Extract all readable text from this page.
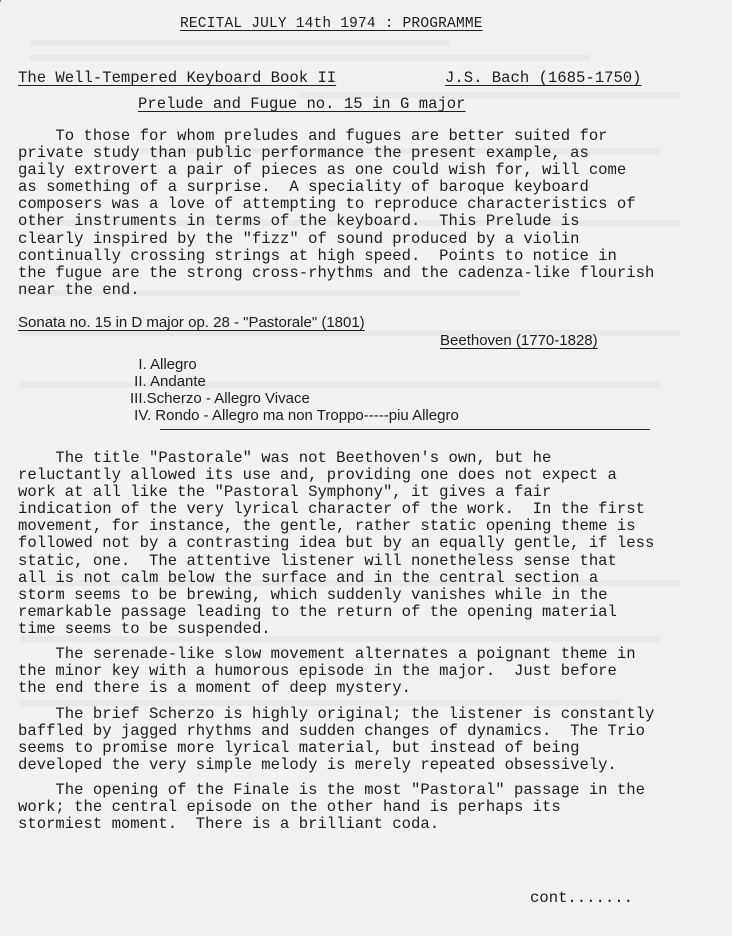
RECITAL JULY 14th 1974 : PROGRAMME
The Well-Tempered Keyboard Book II	J.S. Bach (1685-1750)
Prelude and Fugue no. 15 in G major

To those for whom preludes and fugues are better suited for

private study than public performance the present example, as

gaily extrovert a pair of pieces as one could wish for, will come

as something of a surprise.  A speciality of baroque keyboard

composers was a love of attempting to reproduce characteristics of

other instruments in terms of the keyboard.  This Prelude is

clearly inspired by the "fizz" of sound produced by a violin

continually crossing strings at high speed.  Points to notice in

the fugue are the strong cross-rhythms and the cadenza-like flourish

near the end.

Sonata no. 15 in D major op. 28 - "Pastorale" (1801)
Beethoven (1770-1828)

I. Allegro

II. Andante

III.Scherzo - Allegro Vivace

IV. Rondo - Allegro ma non Troppo-----piu Allegro

The title "Pastorale" was not Beethoven's own, but he

reluctantly allowed its use and, providing one does not expect a

work at all like the "Pastoral Symphony", it gives a fair

indication of the very lyrical character of the work.  In the first

movement, for instance, the gentle, rather static opening theme is

followed not by a contrasting idea but by an equally gentle, if less

static, one.  The attentive listener will nonetheless sense that

all is not calm below the surface and in the central section a

storm seems to be brewing, which suddenly vanishes while in the

remarkable passage leading to the return of the opening material

time seems to be suspended.

The serenade-like slow movement alternates a poignant theme in

the minor key with a humorous episode in the major.  Just before

the end there is a moment of deep mystery.

The brief Scherzo is highly original; the listener is constantly

baffled by jagged rhythms and sudden changes of dynamics.  The Trio

seems to promise more lyrical material, but instead of being

developed the very simple melody is merely repeated obsessively.

The opening of the Finale is the most "Pastoral" passage in the

work; the central episode on the other hand is perhaps its

stormiest moment.  There is a brilliant coda.

cont.......
